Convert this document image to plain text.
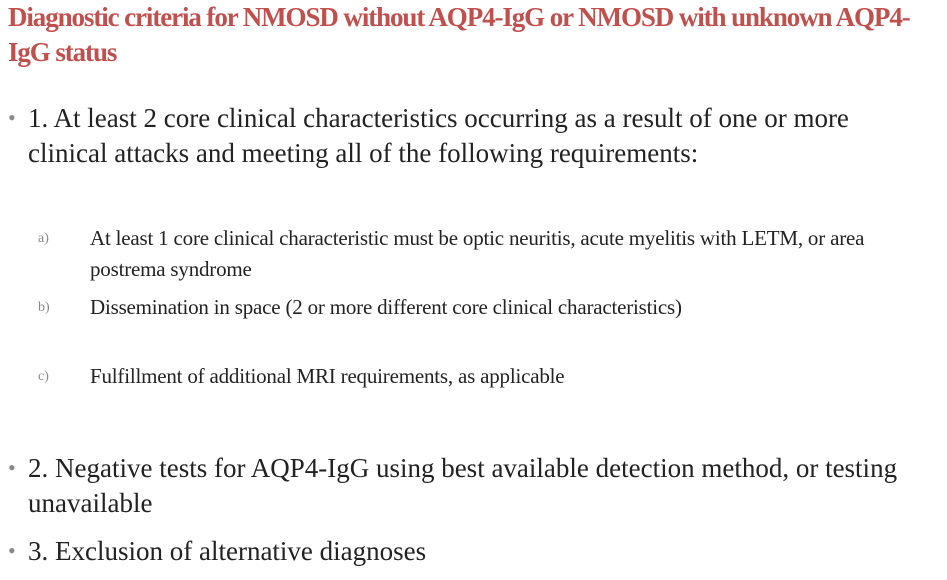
Diagnostic criteria for NMOSD without AQP4-IgG or NMOSD with unknown AQP4-IgG status
• 1. At least 2 core clinical characteristics occurring as a result of one or more clinical attacks and meeting all of the following requirements:
a) At least 1 core clinical characteristic must be optic neuritis, acute myelitis with LETM, or area postrema syndrome
b) Dissemination in space (2 or more different core clinical characteristics)
c) Fulfillment of additional MRI requirements, as applicable
• 2. Negative tests for AQP4-IgG using best available detection method, or testing unavailable
• 3. Exclusion of alternative diagnoses
